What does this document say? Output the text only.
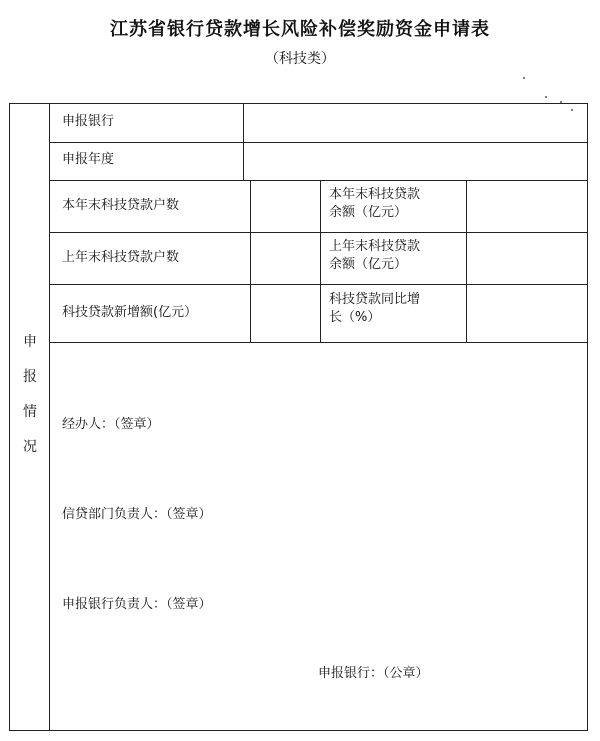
江苏省银行贷款增长风险补偿奖励资金申请表
（科技类）
申
报
情
况
申报银行
申报年度
本年末科技贷款户数
本年末科技贷款
余额（亿元）
上年末科技贷款户数
上年末科技贷款
余额（亿元）
科技贷款新增额(亿元）
科技贷款同比增
长（%）
经办人：（签章）
信贷部门负责人：（签章）
申报银行负责人：（签章）
申报银行：（公章）
